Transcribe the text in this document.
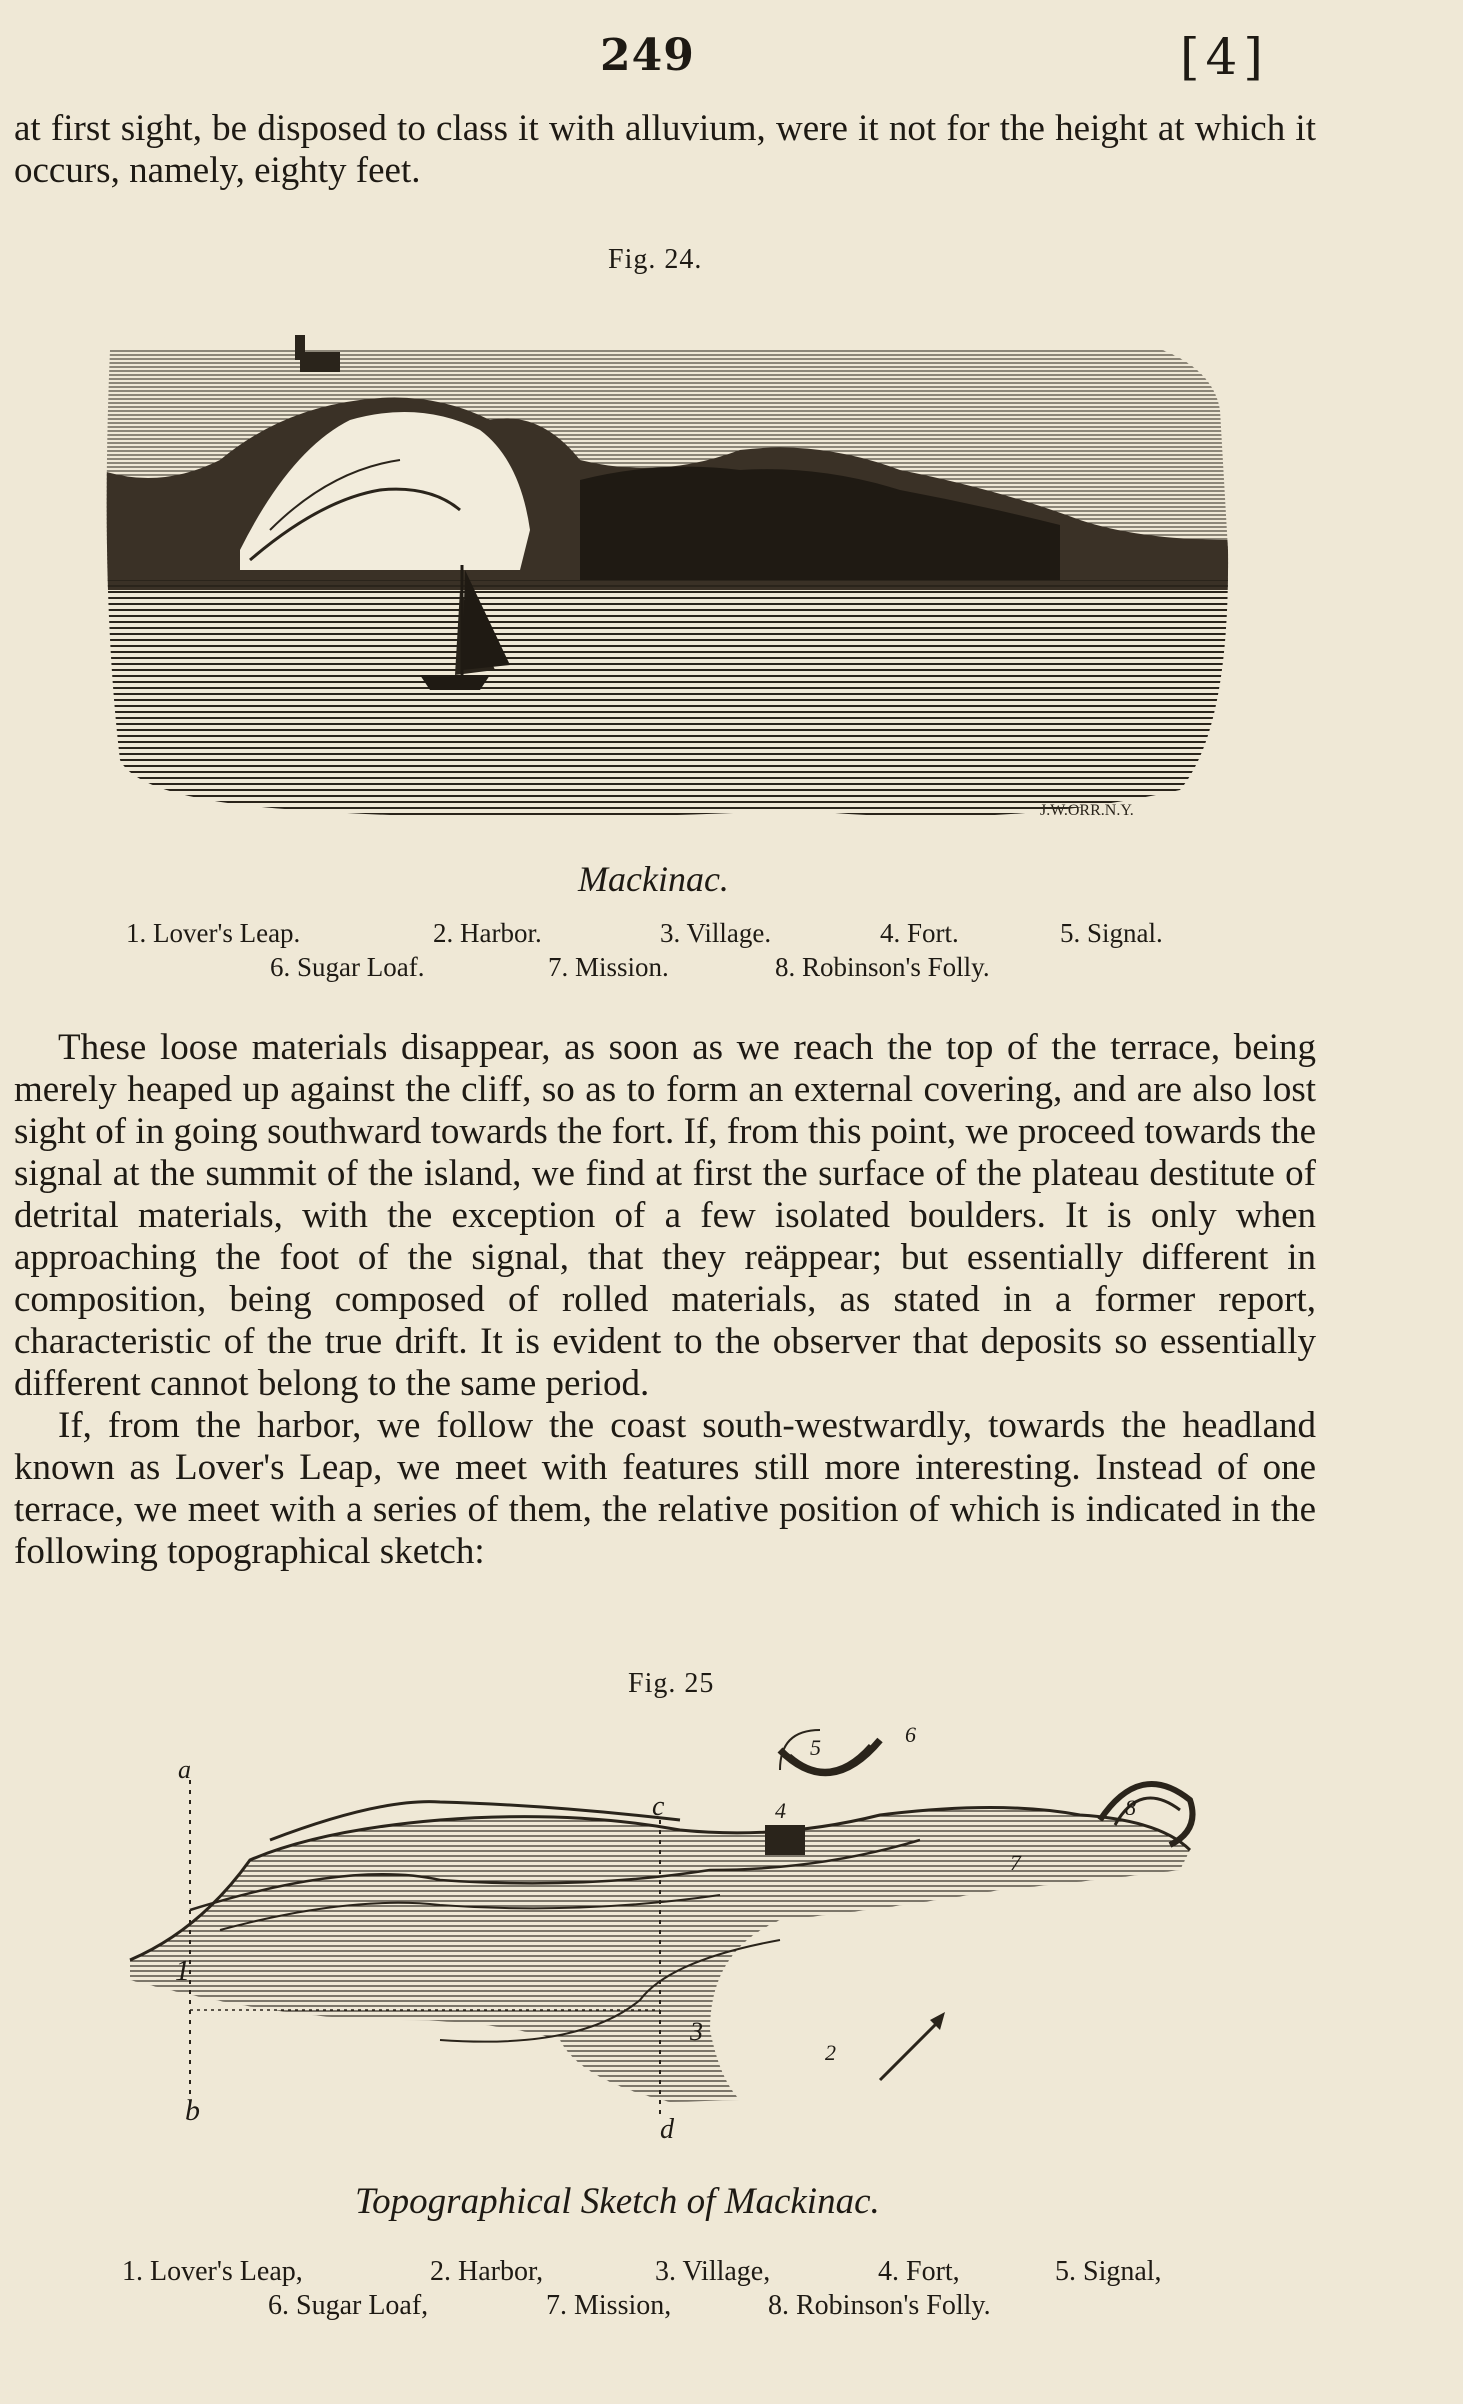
249	[4]

at first sight, be disposed to class it with alluvium, were it not for the height at which it occurs, namely, eighty feet.

Fig. 24.
J.W.ORR.N.Y.
Mackinac.
1. Lover's Leap.	2. Harbor.	3. Village.	4. Fort.	5. Signal.
6. Sugar Loaf.	7. Mission.	8. Robinson's Folly.

These loose materials disappear, as soon as we reach the top of the terrace, being merely heaped up against the cliff, so as to form an external covering, and are also lost sight of in going southward towards the fort. If, from this point, we proceed towards the signal at the summit of the island, we find at first the surface of the plateau destitute of detrital materials, with the exception of a few isolated boulders. It is only when approaching the foot of the signal, that they reäppear; but essentially different in composition, being composed of rolled materials, as stated in a former report, characteristic of the true drift. It is evident to the observer that deposits so essentially different cannot belong to the same period.

If, from the harbor, we follow the coast south-westwardly, towards the headland known as Lover's Leap, we meet with features still more interesting. Instead of one terrace, we meet with a series of them, the relative position of which is indicated in the following topographical sketch:

Fig. 25
a
b
c
d
1
2
3
4
5
6
7
8
Topographical Sketch of Mackinac.
1. Lover's Leap,	2. Harbor,	3. Village,	4. Fort,	5. Signal,
6. Sugar Loaf,	7. Mission,	8. Robinson's Folly.
